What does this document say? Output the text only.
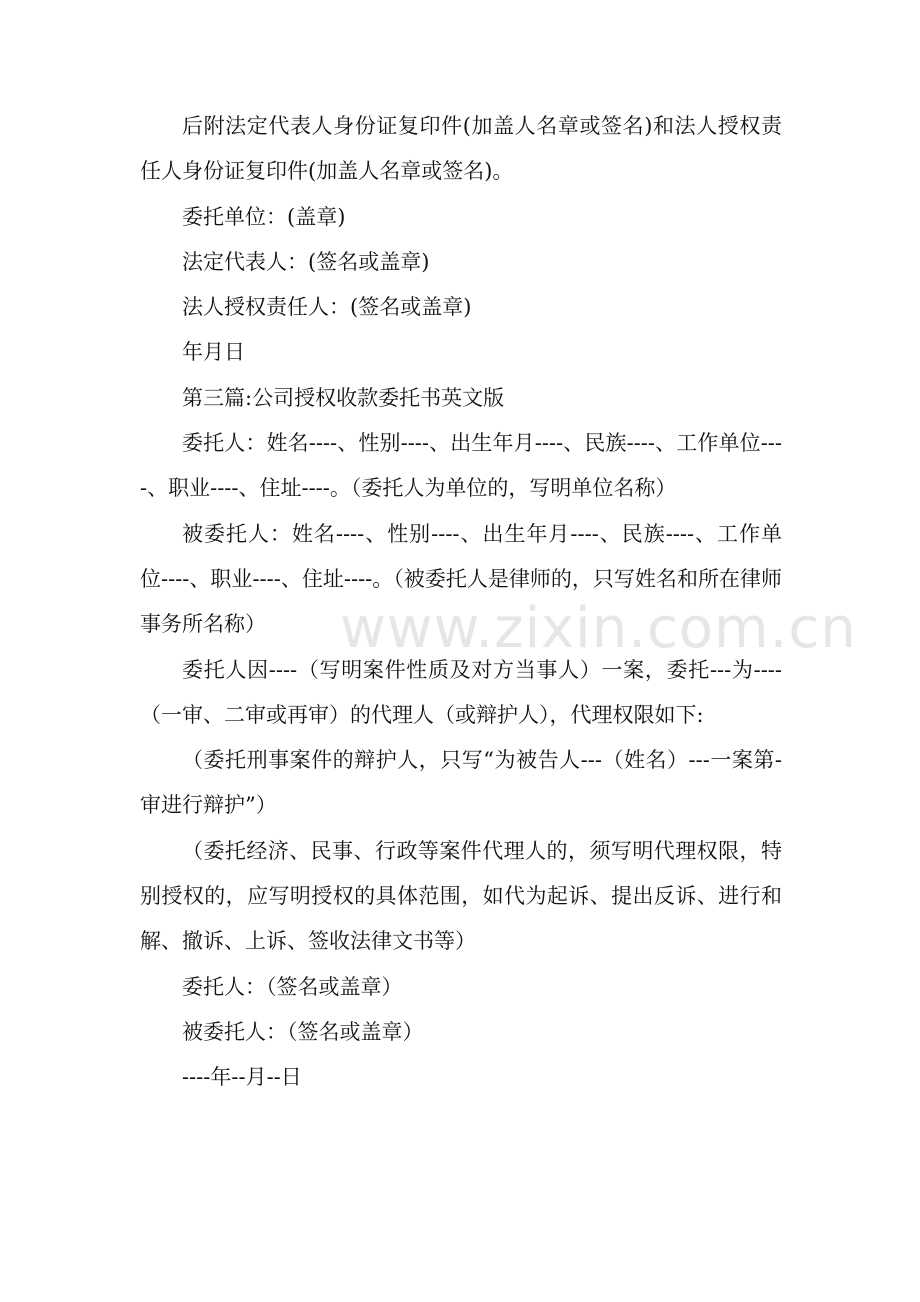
后附法定代表人身份证复印件(加盖人名章或签名)和法人授权责任人身份证复印件(加盖人名章或签名)。

委托单位：(盖章)

法定代表人：(签名或盖章)

法人授权责任人：(签名或盖章)

年月日

第三篇:公司授权收款委托书英文版

委托人：姓名----、性别----、出生年月----、民族----、工作单位----、职业----、住址----。（委托人为单位的，写明单位名称）

被委托人：姓名----、性别----、出生年月----、民族----、工作单位----、职业----、住址----。（被委托人是律师的，只写姓名和所在律师事务所名称）

委托人因----（写明案件性质及对方当事人）一案，委托---为----（一审、二审或再审）的代理人（或辩护人），代理权限如下:

（委托刑事案件的辩护人，只写“为被告人---（姓名）---一案第-审进行辩护”）

（委托经济、民事、行政等案件代理人的，须写明代理权限，特别授权的，应写明授权的具体范围，如代为起诉、提出反诉、进行和解、撤诉、上诉、签收法律文书等）

委托人：（签名或盖章）

被委托人：（签名或盖章）

----年--月--日

www.zixin.com.cn
